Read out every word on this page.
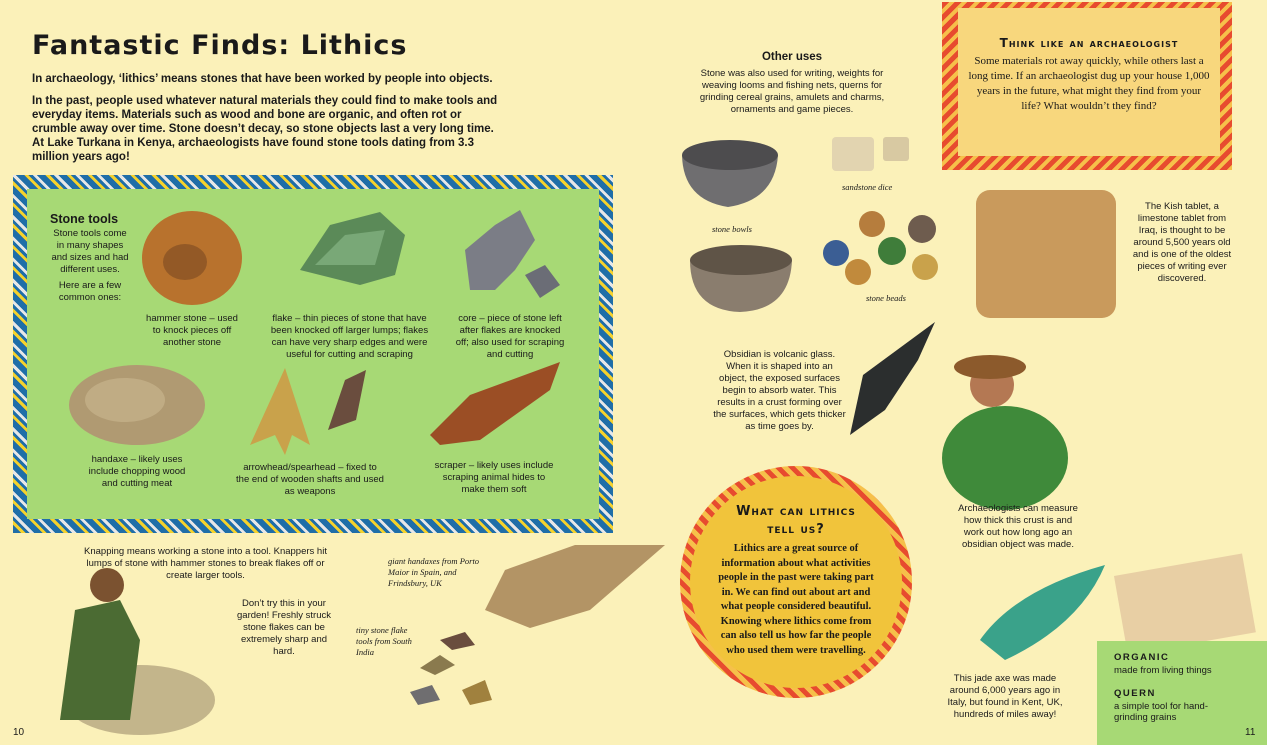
Fantastic Finds: Lithics

In archaeology, ‘lithics’ means stones that have been worked by people into objects.

In the past, people used whatever natural materials they could find to make tools and everyday items. Materials such as wood and bone are organic, and often rot or crumble away over time. Stone doesn’t decay, so stone objects last a very long time. At Lake Turkana in Kenya, archaeologists have found stone tools dating from 3.3 million years ago!

Stone tools
Stone tools come in many shapes and sizes and had different uses.
Here are a few common ones:
hammer stone – used to knock pieces off another stone
flake – thin pieces of stone that have been knocked off larger lumps; flakes can have very sharp edges and were useful for cutting and scraping
core – piece of stone left after flakes are knocked off; also used for scraping and cutting
handaxe – likely uses include chopping wood and cutting meat
arrowhead/spearhead – fixed to the end of wooden shafts and used as weapons
scraper – likely uses include scraping animal hides to make them soft
Knapping means working a stone into a tool. Knappers hit lumps of stone with hammer stones to break flakes off or create larger tools.
Don’t try this in your garden! Freshly struck stone flakes can be extremely sharp and hard.
giant handaxes from Porto Maior in Spain, and Frindsbury, UK
tiny stone flake tools from South India
10
Other uses
Stone was also used for writing, weights for weaving looms and fishing nets, querns for grinding cereal grains, amulets and charms, ornaments and game pieces.
stone bowls
sandstone dice
stone beads
Think like an archaeologist
Some materials rot away quickly, while others last a long time. If an archaeologist dug up your house 1,000 years in the future, what might they find from your life? What wouldn’t they find?
The Kish tablet, a limestone tablet from Iraq, is thought to be around 5,500 years old and is one of the oldest pieces of writing ever discovered.
Obsidian is volcanic glass. When it is shaped into an object, the exposed surfaces begin to absorb water. This results in a crust forming over the surfaces, which gets thicker as time goes by.
Archaeologists can measure how thick this crust is and work out how long ago an obsidian object was made.
What can lithics tell us?
Lithics are a great source of information about what activities people in the past were taking part in. We can find out about art and what people considered beautiful. Knowing where lithics come from can also tell us how far the people who used them were travelling.
This jade axe was made around 6,000 years ago in Italy, but found in Kent, UK, hundreds of miles away!
ORGANIC
made from living things
QUERN
a simple tool for hand-grinding grains
11
